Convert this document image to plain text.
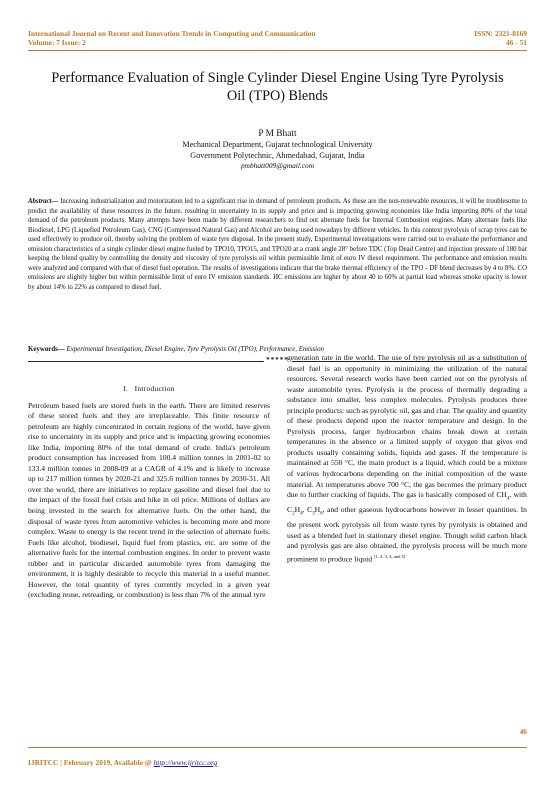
International Journal on Recent and Innovation Trends in Computing and Communication	ISSN: 2321-8169
Volume: 7 Issue: 2	46 - 51
Performance Evaluation of Single Cylinder Diesel Engine Using Tyre Pyrolysis
Oil (TPO) Blends
P M Bhatt
Mechanical Department, Gujarat technological University
Government Polytechnic, Ahmedabad, Gujarat, India
pmbhatt009@gmail.com
Abstract— Increasing industrialization and motorization led to a significant rise in demand of petroleum products. As these are the non-renewable resources, it will be troublesome to predict the availability of these resources in the future, resulting in uncertainty in its supply and price and is impacting growing economies like India importing 80% of the total demand of the petroleum products. Many attempts have been made by different researchers to find out alternate fuels for Internal Combustion engines. Many alternate fuels like Biodiesel, LPG (Liquefied Petroleum Gas), CNG (Compressed Natural Gas) and Alcohol are being used nowadays by different vehicles. In this context pyrolysis of scrap tyres can be used effectively to produce oil, thereby solving the problem of waste tyre disposal. In the present study, Experimental investigations were carried out to evaluate the performance and emission characteristics of a single cylinder diesel engine fueled by TPO10, TPO15, and TPO20 at a crank angle 28° before TDC (Top Dead Centre) and injection pressure of 180 bar keeping the blend quality by controlling the density and viscosity of tyre pyrolysis oil within permissible limit of euro IV diesel requirement. The performance and emission results were analyzed and compared with that of diesel fuel operation. The results of investigations indicate that the brake thermal efficiency of the TPO - DF blend decreases by 4 to 8%. CO emissions are slightly higher but within permissible limit of euro IV emission standards. HC emissions are higher by about 40 to 60% at partial load whereas smoke opacity is lower by about 14% to 22% as compared to diesel fuel.
Keywords— Experimental Investigation, Diesel Engine, Tyre Pyrolysis Oil (TPO), Performance, Emission
*****
I. Introduction
Petroleum based fuels are stored fuels in the earth. There are limited reserves of these stored fuels and they are irreplaceable. This finite resource of petroleum are highly concentrated in certain regions of the world, have given rise to uncertainty in its supply and price and is impacting growing economies like India, importing 80% of the total demand of crude. India's petroleum product consumption has increased from 100.4 million tonnes in 2001-02 to 133.4 million tonnes in 2008-09 at a CAGR of 4.1% and is likely to increase up to 217 million tonnes by 2020-21 and 325.6 million tonnes by 2030-31. All over the world, there are initiatives to replace gasoline and diesel fuel due to the impact of the fossil fuel crisis and hike in oil price. Millions of dollars are being invested in the search for alternative fuels. On the other hand, the disposal of waste tyres from automotive vehicles is becoming more and more complex. Waste to energy is the recent trend in the selection of alternate fuels. Fuels like alcohol, biodiesel, liquid fuel from plastics, etc. are some of the alternative fuels for the internal combustion engines. In order to prevent waste rubber and in particular discarded automobile tyres from damaging the environment, it is highly desirable to recycle this material in a useful manner. However, the total quantity of tyres currently recycled in a given year (excluding reuse, retreading, or combustion) is less than 7% of the annual tyre
generation rate in the world. The use of tyre pyrolysis oil as a substitution of diesel fuel is an opportunity in minimizing the utilization of the natural resources. Several research works have been carried out on the pyrolysis of waste automobile tyres. Pyrolysis is the process of thermally degrading a substance into smaller, less complex molecules. Pyrolysis produces three principle products: such as pyrolytic oil, gas and char. The quality and quantity of these products depend upon the reactor temperature and design. In the Pyrolysis process, larger hydrocarbon chains break down at certain temperatures in the absence or a limited supply of oxygen that gives end products usually containing solids, liquids and gases. If the temperature is maintained at 550 °C, the main product is a liquid, which could be a mixture of various hydrocarbons depending on the initial composition of the waste material. At temperatures above 700 °C, the gas becomes the primary product due to further cracking of liquids. The gas is basically composed of $CH_4$, with $C_2H_4$, $C_3H_6$, and other gaseous hydrocarbons however in lesser quantities. In the present work pyrolysis oil from waste tyres by pyrolysis is obtained and used as a blended fuel in stationary diesel engine. Though solid carbon black and pyrolysis gas are also obtained, the pyrolysis process will be much more prominent to produce liquid [1, 2, 3, 4, and 5]
46
IJRITCC | February 2019, Available @ http://www.ijritcc.org
